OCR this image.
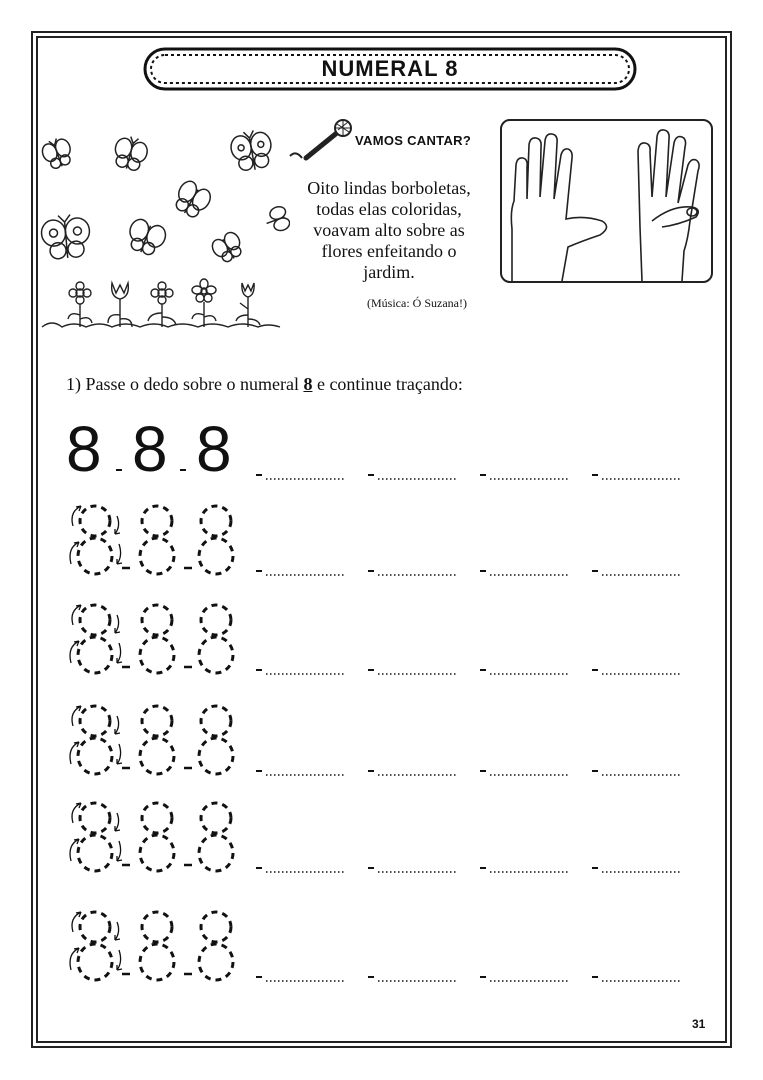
NUMERAL 8
VAMOS CANTAR?
Oito lindas borboletas,
todas elas coloridas,
voavam alto sobre as
flores enfeitando o
jardim.
(Música: Ó Suzana!)
1) Passe o dedo sobre o numeral 8 e continue traçando:
8 8 8
31
